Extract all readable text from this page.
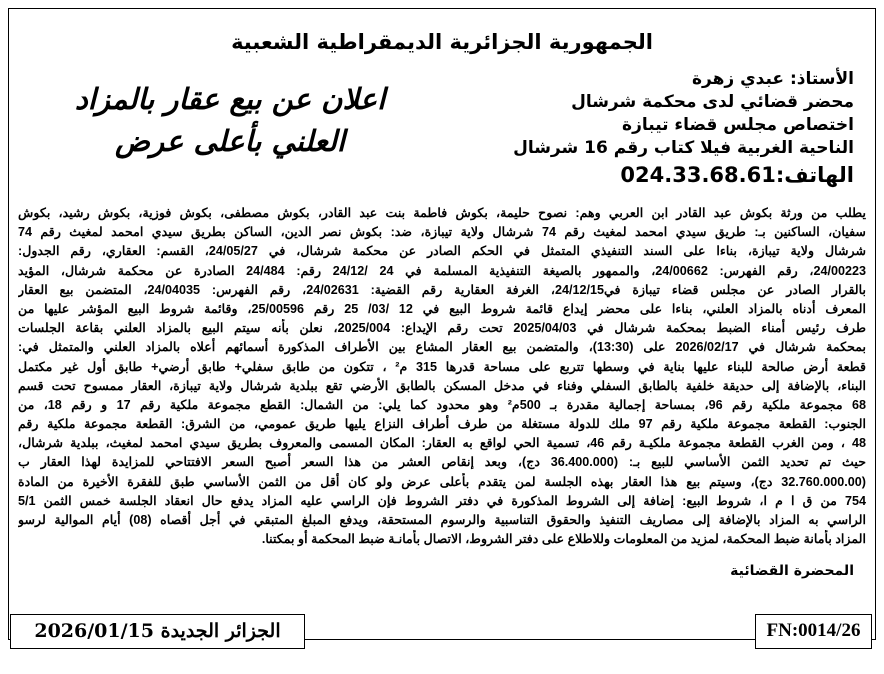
الجمهورية الجزائرية الديمقراطية الشعبية
الأستاذ: عبدي زهرة
محضر قضائي لدى محكمة شرشال
اختصاص مجلس قضاء تيبازة
الناحية الغربية فيلا كتاب رقم 16 شرشال
الهاتف:024.33.68.61
اعلان عن بيع عقار بالمزاد
العلني بأعلى عرض
يطلب من ورثة بكوش عبد القادر ابن العربي وهم: نصوح حليمة، بكوش فاطمة بنت عبد القادر، بكوش مصطفى، بكوش فوزية، بكوش رشيد، بكوش
سفيان، الساكنين بـ: طريق سيدي امحمد لمغيث رقم 74 شرشال ولاية تيبازة، ضد: بكوش نصر الدين، الساكن بطريق سيدي امحمد لمغيث رقم 74
شرشال ولاية تيبازة، بناءا على السند التنفيذي المتمثل في الحكم الصادر عن محكمة شرشال، في 24/05/27، القسم: العقاري، رقم الجدول:
24/00223، رقم الفهرس: 24/00662، والممهور بالصيغة التنفيذية المسلمة في 24 /24/12 رقم: 24/484 الصادرة عن محكمة شرشال، المؤيد
بالقرار الصادر عن مجلس قضاء تيبازة في24/12/15، الغرفة العقارية رقم القضية: 24/02631، رقم الفهرس: 24/04035، المتضمن بيع العقار
المعرف أدناه بالمزاد العلني، بناءا على محضر إيداع قائمة شروط البيع في 12 /03/ 25 رقم 25/00596، وقائمة شروط البيع المؤشر عليها من
طرف رئيس أمناء الضبط بمحكمة شرشال في 2025/04/03 تحت رقم الإيداع: 2025/004، نعلن بأنه سيتم البيع بالمزاد العلني بقاعة الجلسات
بمحكمة شرشال في 2026/02/17 على (13:30)، والمتضمن بيع العقار المشاع بين الأطراف المذكورة أسمائهم أعلاه بالمزاد العلني والمتمثل في:
قطعة أرض صالحة للبناء عليها بناية في وسطها تتربع على مساحة قدرها 315 م² ، تتكون من طابق سفلي+ طابق أرضي+ طابق أول غير مكتمل
البناء، بالإضافة إلى حديقة خلفية بالطابق السفلي وفناء في مدخل المسكن بالطابق الأرضي تقع ببلدية شرشال ولاية تيبازة، العقار ممسوح تحت قسم
68 مجموعة ملكية رقم 96، بمساحة إجمالية مقدرة بـ 500م² وهو محدود كما يلي: من الشمال: القطع مجموعة ملكية رقم 17 و رقم 18، من
الجنوب: القطعة مجموعة ملكية رقم 97 ملك للدولة مستغلة من طرف أطراف النزاع يليها طريق عمومي، من الشرق: القطعة مجموعة ملكية رقم
48 ، ومن الغرب القطعة مجموعة ملكيـة رقم 46، تسمية الحي لواقع به العقار: المكان المسمى والمعروف بطريق سيدي امحمد لمغيث، ببلدية شرشال،
حيث تم تحديد الثمن الأساسي للبيع بـ: (36.400.000 دج)، وبعد إنقاص العشر من هذا السعر أصبح السعر الافتتاحي للمزايدة لهذا العقار ب
(32.760.000.00 دج)، وسيتم بيع هذا العقار بهذه الجلسة لمن يتقدم بأعلى عرض ولو كان أقل من الثمن الأساسي طبق للفقرة الأخيرة من المادة
754 من ق ا م ا، شروط البيع: إضافة إلى الشروط المذكورة في دفتر الشروط فإن الراسي عليه المزاد يدفع حال انعقاد الجلسة خمس الثمن 5/1
الراسي به المزاد بالإضافة إلى مصاريف التنفيذ والحقوق التناسبية والرسوم المستحقة، ويدفع المبلغ المتبقي في أجل أقصاه (08) أيام الموالية لرسو
المزاد بأمانة ضبط المحكمة، لمزيد من المعلومات وللاطلاع على دفتر الشروط، الاتصال بأمانـة ضبط المحكمة أو بمكتنا.
المحضرة القضائية
الجزائر الجديدة 2026/01/15	FN:0014/26
